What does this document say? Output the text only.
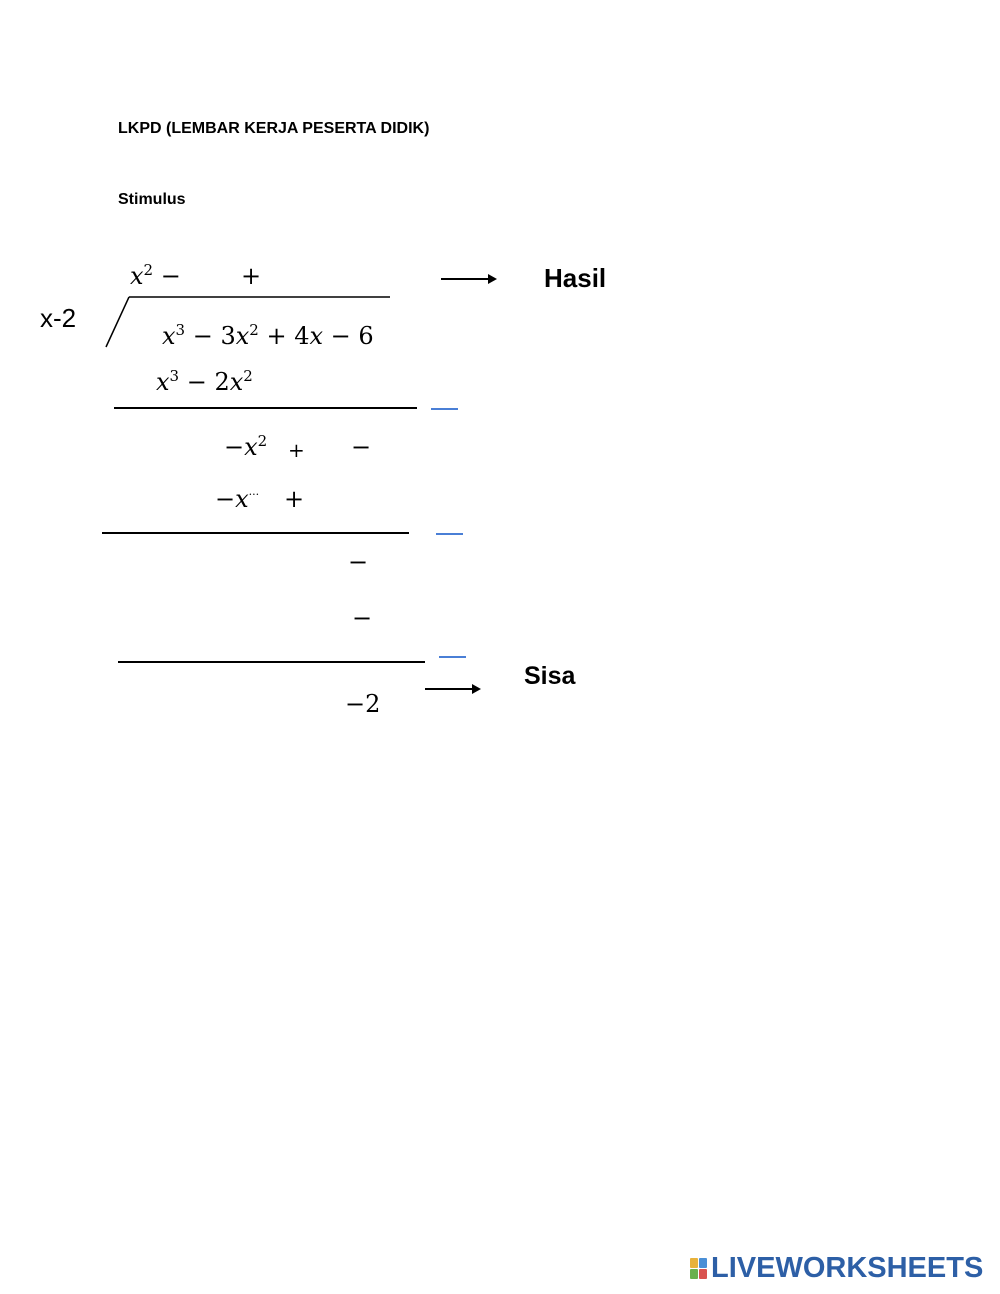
LKPD (LEMBAR KERJA PESERTA DIDIK)
Stimulus
$x^2$ −	+	Hasil
x-2
$x^3 - 3x^2 + 4x - 6$
$x^3 - 2x^2$
$-x^2$ + −
−x··· +
−
−
−2
Sisa
LIVEWORKSHEETS
